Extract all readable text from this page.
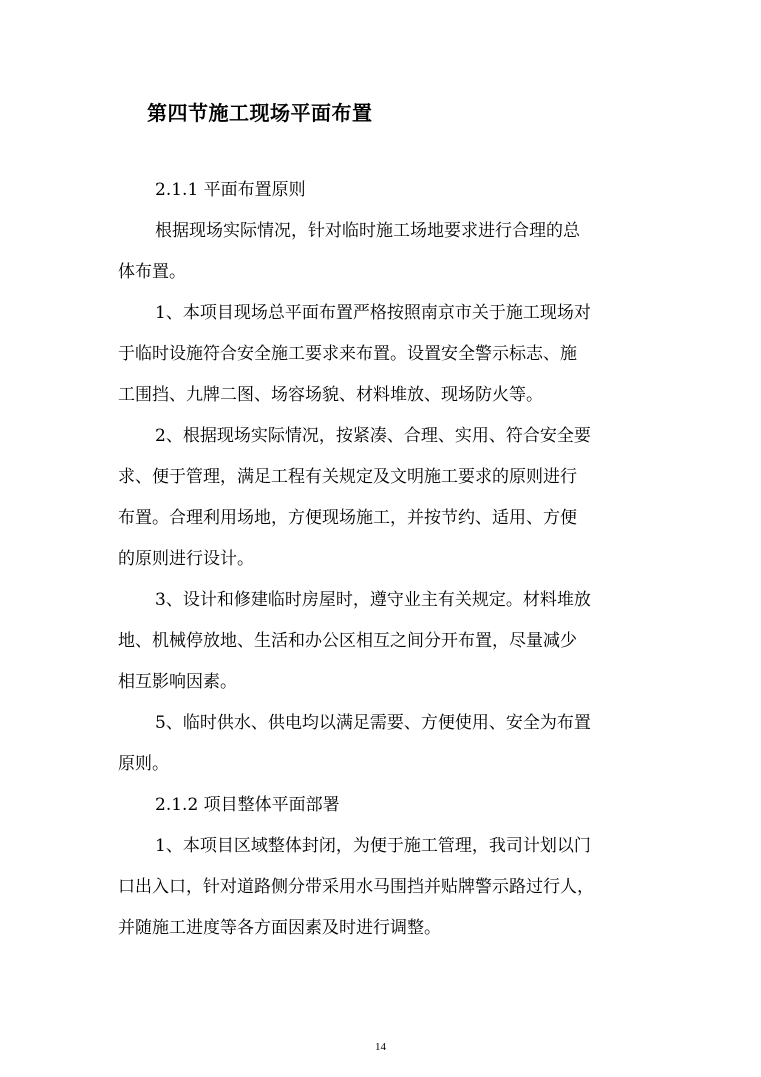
第四节施工现场平面布置
2.1.1 平面布置原则
根据现场实际情况，针对临时施工场地要求进行合理的总
体布置。
1、本项目现场总平面布置严格按照南京市关于施工现场对
于临时设施符合安全施工要求来布置。设置安全警示标志、施
工围挡、九牌二图、场容场貌、材料堆放、现场防火等。
2、根据现场实际情况，按紧凑、合理、实用、符合安全要
求、便于管理，满足工程有关规定及文明施工要求的原则进行
布置。合理利用场地，方便现场施工，并按节约、适用、方便
的原则进行设计。
3、设计和修建临时房屋时，遵守业主有关规定。材料堆放
地、机械停放地、生活和办公区相互之间分开布置，尽量减少
相互影响因素。
5、临时供水、供电均以满足需要、方便使用、安全为布置
原则。
2.1.2 项目整体平面部署
1、本项目区域整体封闭，为便于施工管理，我司计划以门
口出入口，针对道路侧分带采用水马围挡并贴牌警示路过行人，
并随施工进度等各方面因素及时进行调整。
14
